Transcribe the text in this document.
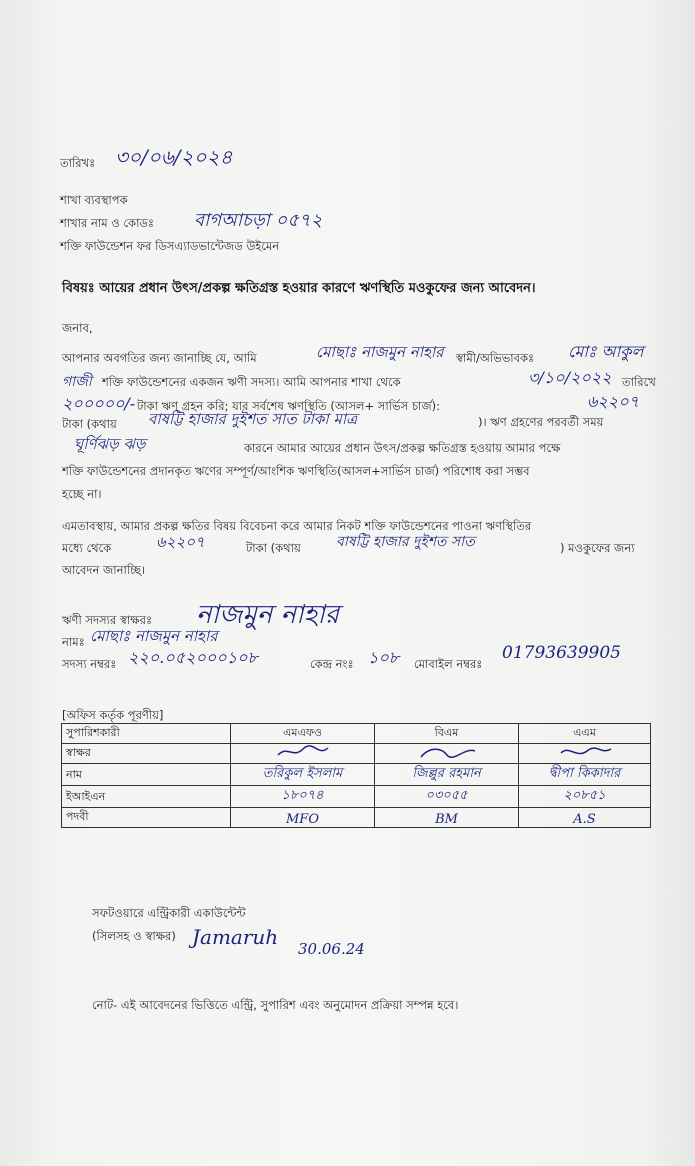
তারিখঃ ৩০/০৬/২০২৪
শাখা ব্যবস্থাপক
শাখার নাম ও কোডঃ বাগআচড়া ০৫৭২
শক্তি ফাউন্ডেশন ফর ডিসএ্যাডভান্টেজড উইমেন
বিষয়ঃ আয়ের প্রধান উৎস/প্রকল্প ক্ষতিগ্রস্ত হওয়ার কারণে ঋণস্থিতি মওকুফের জন্য আবেদন।
জনাব,
আপনার অবগতির জন্য জানাচ্ছি যে, আমি	মোছাঃ নাজমুন নাহার স্বামী/অভিভাবকঃ মোঃ আকুল
গাজী শক্তি ফাউন্ডেশনের একজন ঋণী সদস্য। আমি আপনার শাখা থেকে	৩/১০/২০২২ তারিখে
২০০০০০/- টাকা ঋণ গ্রহন করি; যার সর্বশেষ ঋণস্থিতি (আসল+ সার্ভিস চার্জ):	৬২২০৭
টাকা (কথায় বাষট্টি হাজার দুইশত সাত টাকা মাত্র	)। ঋণ গ্রহণের পরবর্তী সময়
ঘূর্ণিঝড় ঝড়	কারনে আমার আয়ের প্রধান উৎস/প্রকল্প ক্ষতিগ্রস্ত হওয়ায় আমার পক্ষে
শক্তি ফাউন্ডেশনের প্রদানকৃত ঋণের সম্পূর্ণ/আংশিক ঋণস্থিতি(আসল+সার্ভিস চার্জ) পরিশোধ করা সম্ভব
হচ্ছে না।
এমতাবস্থায়, আমার প্রকল্প ক্ষতির বিষয় বিবেচনা করে আমার নিকট শক্তি ফাউন্ডেশনের পাওনা ঋণস্থিতির
মধ্যে থেকে	৬২২০৭	টাকা (কথায়	বাষট্টি হাজার দুইশত সাত	) মওকুফের জন্য
আবেদন জানাচ্ছি।
ঋণী সদস্যর স্বাক্ষরঃ নাজমুন নাহার
নামঃ মোছাঃ নাজমুন নাহার
সদস্য নম্বরঃ ২২০.০৫২০০০১০৮	কেন্দ্র নংঃ ১০৮ মোবাইল নম্বরঃ
01793639905
[অফিস কর্তৃক পূরণীয়]
সুপারিশকারী	এমএফও	বিএম	এএম
স্বাক্ষর			
নাম	তরিকুল ইসলাম	জিল্লুর রহমান	দ্বীপা কিকাদার
ইআইএন	১৮০৭৪	০৩০৫৫	২০৮৫১
পদবী	MFO	BM	A.S
সফটওয়ারে এন্ট্রিকারী একাউন্টেন্ট
(সিলসহ ও স্বাক্ষর) Jamaruh 30.06.24
নোট- এই আবেদনের ভিত্তিতে এন্ট্রি, সুপারিশ এবং অনুমোদন প্রক্রিয়া সম্পন্ন হবে।
